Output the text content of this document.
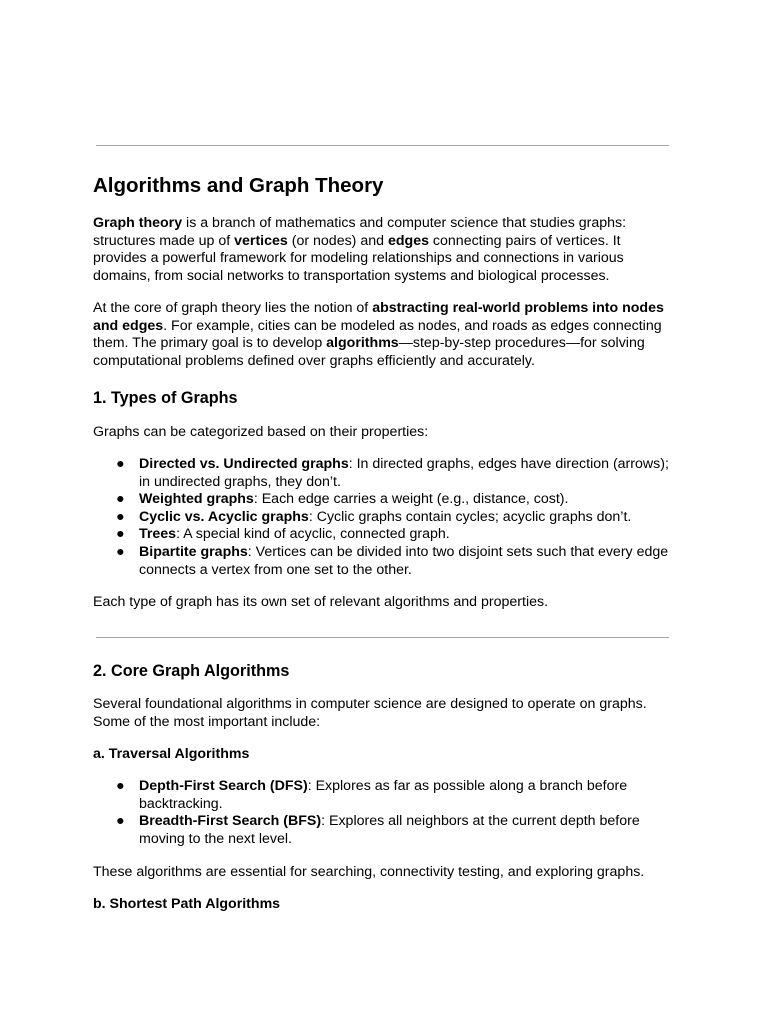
Algorithms and Graph Theory

Graph theory is a branch of mathematics and computer science that studies graphs: structures made up of vertices (or nodes) and edges connecting pairs of vertices. It provides a powerful framework for modeling relationships and connections in various domains, from social networks to transportation systems and biological processes.

At the core of graph theory lies the notion of abstracting real-world problems into nodes and edges. For example, cities can be modeled as nodes, and roads as edges connecting them. The primary goal is to develop algorithms—step-by-step procedures—for solving computational problems defined over graphs efficiently and accurately.

1. Types of Graphs

Graphs can be categorized based on their properties:

● Directed vs. Undirected graphs: In directed graphs, edges have direction (arrows); in undirected graphs, they don’t.
● Weighted graphs: Each edge carries a weight (e.g., distance, cost).
● Cyclic vs. Acyclic graphs: Cyclic graphs contain cycles; acyclic graphs don’t.
● Trees: A special kind of acyclic, connected graph.
● Bipartite graphs: Vertices can be divided into two disjoint sets such that every edge connects a vertex from one set to the other.

Each type of graph has its own set of relevant algorithms and properties.

2. Core Graph Algorithms

Several foundational algorithms in computer science are designed to operate on graphs. Some of the most important include:

a. Traversal Algorithms
● Depth-First Search (DFS): Explores as far as possible along a branch before backtracking.
● Breadth-First Search (BFS): Explores all neighbors at the current depth before moving to the next level.

These algorithms are essential for searching, connectivity testing, and exploring graphs.

b. Shortest Path Algorithms
